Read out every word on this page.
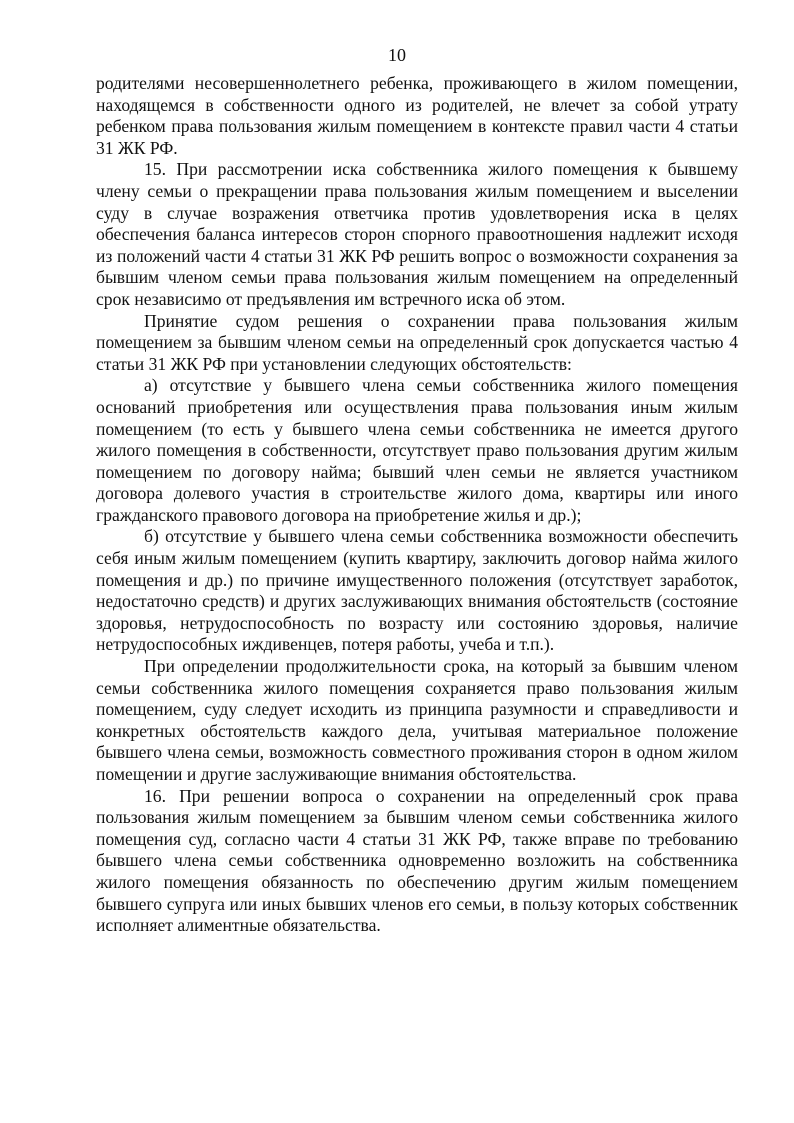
10

родителями несовершеннолетнего ребенка, проживающего в жилом помещении, находящемся в собственности одного из родителей, не влечет за собой утрату ребенком права пользования жилым помещением в контексте правил части 4 статьи 31 ЖК РФ.

15. При рассмотрении иска собственника жилого помещения к бывшему члену семьи о прекращении права пользования жилым помещением и выселении суду в случае возражения ответчика против удовлетворения иска в целях обеспечения баланса интересов сторон спорного правоотношения надлежит исходя из положений части 4 статьи 31 ЖК РФ решить вопрос о возможности сохранения за бывшим членом семьи права пользования жилым помещением на определенный срок независимо от предъявления им встречного иска об этом.

Принятие судом решения о сохранении права пользования жилым помещением за бывшим членом семьи на определенный срок допускается частью 4 статьи 31 ЖК РФ при установлении следующих обстоятельств:

а) отсутствие у бывшего члена семьи собственника жилого помещения оснований приобретения или осуществления права пользования иным жилым помещением (то есть у бывшего члена семьи собственника не имеется другого жилого помещения в собственности, отсутствует право пользования другим жилым помещением по договору найма; бывший член семьи не является участником договора долевого участия в строительстве жилого дома, квартиры или иного гражданского правового договора на приобретение жилья и др.);

б) отсутствие у бывшего члена семьи собственника возможности обеспечить себя иным жилым помещением (купить квартиру, заключить договор найма жилого помещения и др.) по причине имущественного положения (отсутствует заработок, недостаточно средств) и других заслуживающих внимания обстоятельств (состояние здоровья, нетрудоспособность по возрасту или состоянию здоровья, наличие нетрудоспособных иждивенцев, потеря работы, учеба и т.п.).

При определении продолжительности срока, на который за бывшим членом семьи собственника жилого помещения сохраняется право пользования жилым помещением, суду следует исходить из принципа разумности и справедливости и конкретных обстоятельств каждого дела, учитывая материальное положение бывшего члена семьи, возможность совместного проживания сторон в одном жилом помещении и другие заслуживающие внимания обстоятельства.

16. При решении вопроса о сохранении на определенный срок права пользования жилым помещением за бывшим членом семьи собственника жилого помещения суд, согласно части 4 статьи 31 ЖК РФ, также вправе по требованию бывшего члена семьи собственника одновременно возложить на собственника жилого помещения обязанность по обеспечению другим жилым помещением бывшего супруга или иных бывших членов его семьи, в пользу которых собственник исполняет алиментные обязательства.
